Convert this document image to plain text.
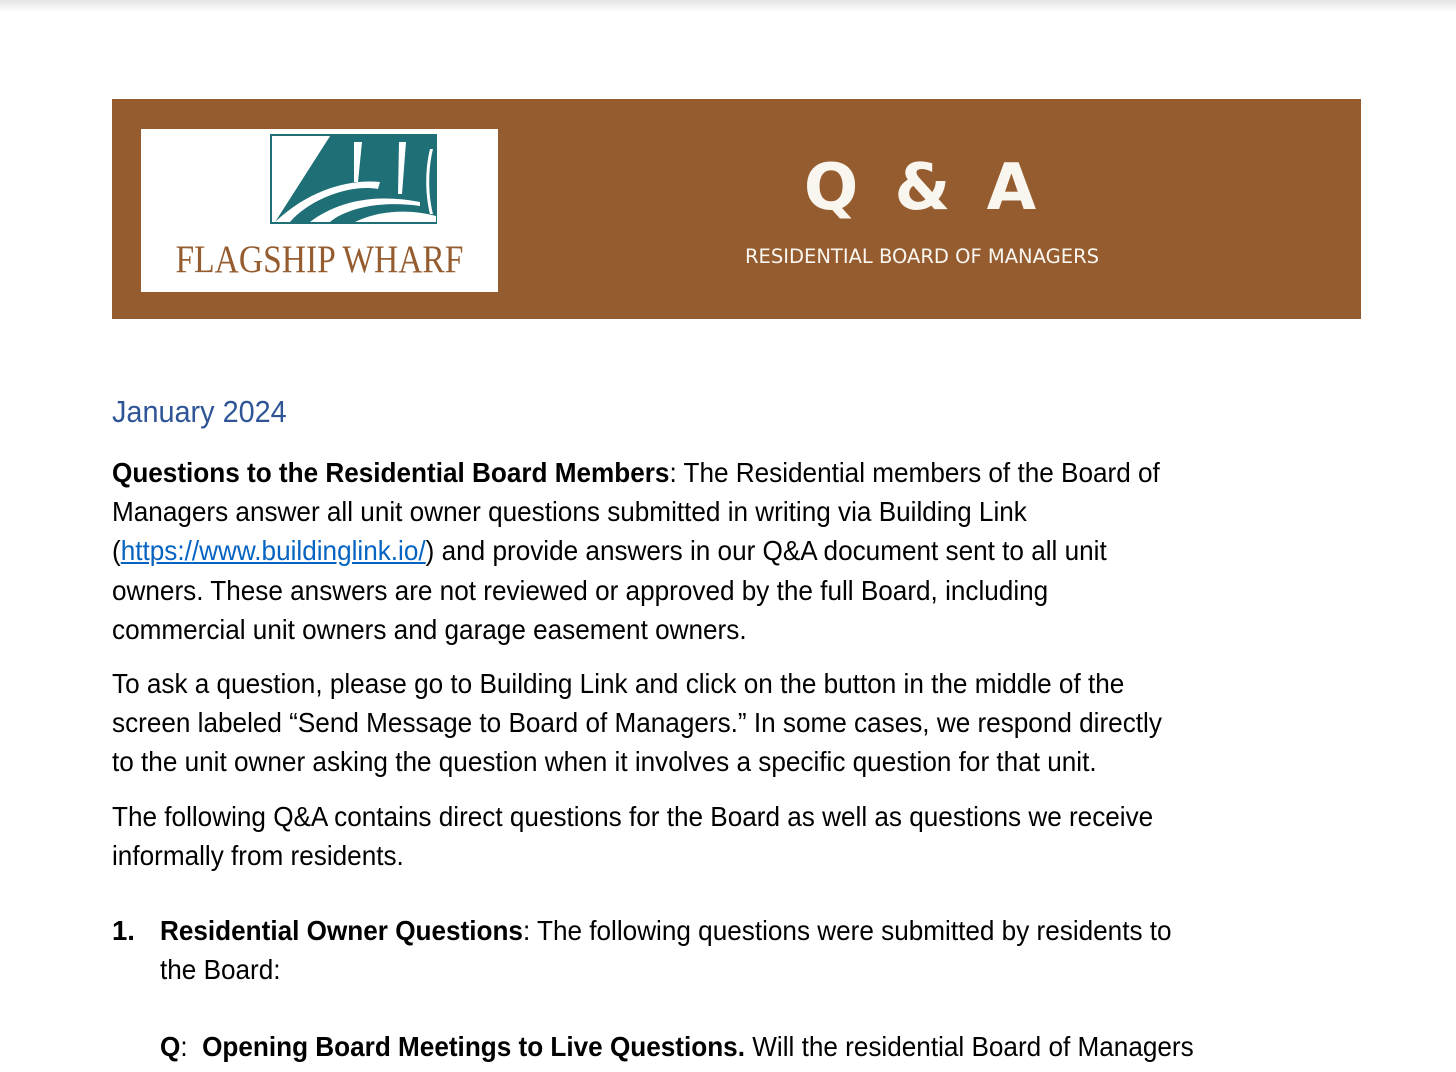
FLAGSHIP WHARF
Q & A
RESIDENTIAL BOARD OF MANAGERS
January 2024
Questions to the Residential Board Members: The Residential members of the Board of
Managers answer all unit owner questions submitted in writing via Building Link
(https://www.buildinglink.io/) and provide answers in our Q&A document sent to all unit
owners. These answers are not reviewed or approved by the full Board, including
commercial unit owners and garage easement owners.
To ask a question, please go to Building Link and click on the button in the middle of the
screen labeled “Send Message to Board of Managers.” In some cases, we respond directly
to the unit owner asking the question when it involves a specific question for that unit.
The following Q&A contains direct questions for the Board as well as questions we receive
informally from residents.
1. Residential Owner Questions: The following questions were submitted by residents to
the Board:
Q: Opening Board Meetings to Live Questions. Will the residential Board of Managers
